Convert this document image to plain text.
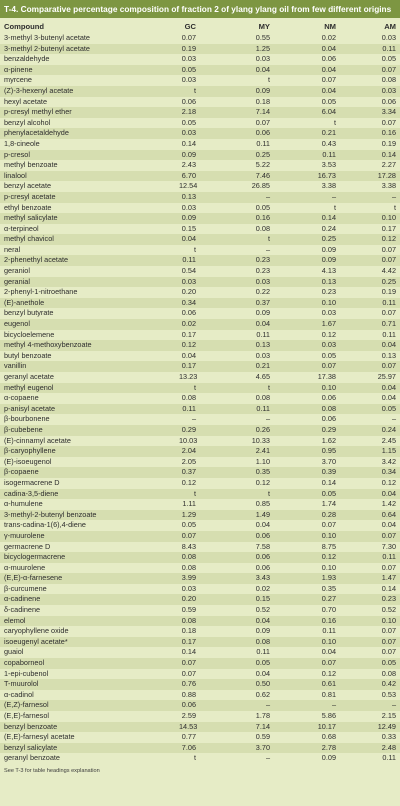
T-4. Comparative percentage composition of fraction 2 of ylang ylang oil from few different origins
Compound	GC	MY	NM	AM
3-methyl 3-butenyl acetate	0.07	0.55	0.02	0.03
3-methyl 2-butenyl acetate	0.19	1.25	0.04	0.11
benzaldehyde	0.03	0.03	0.06	0.05
α-pinene	0.05	0.04	0.04	0.07
myrcene	0.03	t	0.07	0.08
(Z)-3-hexenyl acetate	t	0.09	0.04	0.03
hexyl acetate	0.06	0.18	0.05	0.06
p-cresyl methyl ether	2.18	7.14	6.04	3.34
benzyl alcohol	0.05	0.07	t	0.07
phenylacetaldehyde	0.03	0.06	0.21	0.16
1,8-cineole	0.14	0.11	0.43	0.19
p-cresol	0.09	0.25	0.11	0.14
methyl benzoate	2.43	5.22	3.53	2.27
linalool	6.70	7.46	16.73	17.28
benzyl acetate	12.54	26.85	3.38	3.38
p-cresyl acetate	0.13	–	–	–
ethyl benzoate	0.03	0.05	t	t
methyl salicylate	0.09	0.16	0.14	0.10
α-terpineol	0.15	0.08	0.24	0.17
methyl chavicol	0.04	t	0.25	0.12
neral	t	–	0.09	0.07
2-phenethyl acetate	0.11	0.23	0.09	0.07
geraniol	0.54	0.23	4.13	4.42
geranial	0.03	0.03	0.13	0.25
2-phenyl-1-nitroethane	0.20	0.22	0.23	0.19
(E)-anethole	0.34	0.37	0.10	0.11
benzyl butyrate	0.06	0.09	0.03	0.07
eugenol	0.02	0.04	1.67	0.71
bicycloelemene	0.17	0.11	0.12	0.11
methyl 4-methoxybenzoate	0.12	0.13	0.03	0.04
butyl benzoate	0.04	0.03	0.05	0.13
vanillin	0.17	0.21	0.07	0.07
geranyl acetate	13.23	4.65	17.38	25.97
methyl eugenol	t	t	0.10	0.04
α-copaene	0.08	0.08	0.06	0.04
p-anisyl acetate	0.11	0.11	0.08	0.05
β-bourbonene	–	–	0.06	–
β-cubebene	0.29	0.26	0.29	0.24
(E)-cinnamyl acetate	10.03	10.33	1.62	2.45
β-caryophyllene	2.04	2.41	0.95	1.15
(E)-isoeugenol	2.05	1.10	3.70	3.42
β-copaene	0.37	0.35	0.39	0.34
isogermacrene D	0.12	0.12	0.14	0.12
cadina-3,5-diene	t	t	0.05	0.04
α-humulene	1.11	0.85	1.74	1.42
3-methyl-2-butenyl benzoate	1.29	1.49	0.28	0.64
trans-cadina-1(6),4-diene	0.05	0.04	0.07	0.04
γ-muurolene	0.07	0.06	0.10	0.07
germacrene D	8.43	7.58	8.75	7.30
bicyclogermacrene	0.08	0.06	0.12	0.11
α-muurolene	0.08	0.06	0.10	0.07
(E,E)-α-farnesene	3.99	3.43	1.93	1.47
β-curcumene	0.03	0.02	0.35	0.14
α-cadinene	0.20	0.15	0.27	0.23
δ-cadinene	0.59	0.52	0.70	0.52
elemol	0.08	0.04	0.16	0.10
caryophyllene oxide	0.18	0.09	0.11	0.07
isoeugenyl acetate*	0.17	0.08	0.10	0.07
guaiol	0.14	0.11	0.04	0.07
copaborneol	0.07	0.05	0.07	0.05
1-epi-cubenol	0.07	0.04	0.12	0.08
T-muurolol	0.76	0.50	0.61	0.42
α-cadinol	0.88	0.62	0.81	0.53
(E,Z)-farnesol	0.06	–	–	–
(E,E)-farnesol	2.59	1.78	5.86	2.15
benzyl benzoate	14.53	7.14	10.17	12.49
(E,E)-farnesyl acetate	0.77	0.59	0.68	0.33
benzyl salicylate	7.06	3.70	2.78	2.48
geranyl benzoate	t	–	0.09	0.11
See T-3 for table headings explanation
